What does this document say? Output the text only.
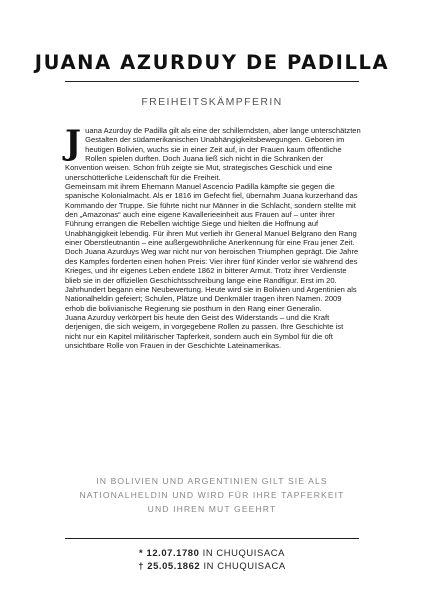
JUANA AZURDUY DE PADILLA
FREIHEITSKÄMPFERIN

Juana Azurduy de Padilla gilt als eine der schillerndsten, aber lange unterschätzten Gestalten der südamerikanischen Unabhängigkeitsbewegungen. Geboren im heutigen Bolivien, wuchs sie in einer Zeit auf, in der Frauen kaum öffentliche Rollen spielen durften. Doch Juana ließ sich nicht in die Schranken der Konvention weisen. Schon früh zeigte sie Mut, strategisches Geschick und eine unerschütterliche Leidenschaft für die Freiheit.

Gemeinsam mit ihrem Ehemann Manuel Ascencio Padilla kämpfte sie gegen die spanische Kolonialmacht. Als er 1816 im Gefecht fiel, übernahm Juana kurzerhand das Kommando der Truppe. Sie führte nicht nur Männer in die Schlacht, sondern stellte mit den „Amazonas“ auch eine eigene Kavallerieeinheit aus Frauen auf – unter ihrer Führung errangen die Rebellen wichtige Siege und hielten die Hoffnung auf Unabhängigkeit lebendig. Für ihren Mut verlieh ihr General Manuel Belgrano den Rang einer Oberstleutnantin – eine außergewöhnliche Anerkennung für eine Frau jener Zeit.

Doch Juana Azurduys Weg war nicht nur von heroischen Triumphen geprägt. Die Jahre des Kampfes forderten einen hohen Preis: Vier ihrer fünf Kinder verlor sie während des Krieges, und ihr eigenes Leben endete 1862 in bitterer Armut. Trotz ihrer Verdienste blieb sie in der offiziellen Geschichtsschreibung lange eine Randfigur. Erst im 20. Jahrhundert begann eine Neubewertung. Heute wird sie in Bolivien und Argentinien als Nationalheldin gefeiert; Schulen, Plätze und Denkmäler tragen ihren Namen. 2009 erhob die bolivianische Regierung sie posthum in den Rang einer Generalin.

Juana Azurduy verkörpert bis heute den Geist des Widerstands – und die Kraft derjenigen, die sich weigern, in vorgegebene Rollen zu passen. Ihre Geschichte ist nicht nur ein Kapitel militärischer Tapferkeit, sondern auch ein Symbol für die oft unsichtbare Rolle von Frauen in der Geschichte Lateinamerikas.

IN BOLIVIEN UND ARGENTINIEN GILT SIE ALS NATIONALHELDIN UND WIRD FÜR IHRE TAPFERKEIT UND IHREN MUT GEEHRT
* 12.07.1780 IN CHUQUISACA
† 25.05.1862 IN CHUQUISACA
